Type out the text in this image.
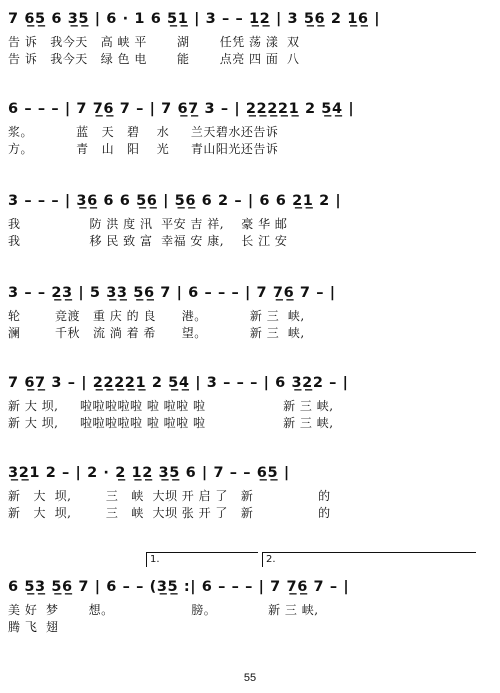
7 6̲5̲ 6 3̲5̲ | 6 · 1 6 5̲1̲ | 3 – – 1̲2̲ | 3 5̲6̲ 2 1̲6̲ |
告 诉   我今天   高 峡 平       湖       任凭 荡 漾  双
告 诉   我今天   绿 色 电       能       点亮 四 面  八
6 – – – | 7 7̲6̲ 7 – | 7 6̲7̲ 3 – | 2̲2̲2̲2̲1̲ 2 5̲4̲ |
浆。          蓝   天   碧    水     兰天碧水还告诉
方。          青   山   阳    光     青山阳光还告诉
3 – – – | 3̲6̲ 6 6 5̲6̲ | 5̲6̲ 6 2 – | 6 6 2̲1̲ 2 |
我                防 洪 度 汛  平安 吉 祥,    豪 华 邮
我                移 民 致 富  幸福 安 康,    长 江 安
3 – – 2̲3̲ | 5 3̲3̲ 5̲6̲ 7 | 6 – – – | 7 7̲6̲ 7 – |
轮        竞渡   重 庆 的 良      港。          新 三  峡,
澜        千秋   流 淌 着 希      望。          新 三  峡,
7 6̲7̲ 3 – | 2̲2̲2̲2̲1̲ 2 5̲4̲ | 3 – – – | 6 3̲2̲2 – |
新 大 坝,     啦啦啦啦啦 啦 啦啦 啦                  新 三 峡,
新 大 坝,     啦啦啦啦啦 啦 啦啦 啦                  新 三 峡,
3̲2̲1 2 – | 2 · 2̲ 1̲2̲ 3̲5̲ 6 | 7 – – 6̲5̲ |
新   大  坝,        三   峡  大坝 开 启 了   新               的
新   大  坝,        三   峡  大坝 张 开 了   新               的
1.	2.
6 5̲3̲ 5̲6̲ 7 | 6 – – (3̲5̲ :| 6 – – – | 7 7̲6̲ 7 – |
美 好  梦       想。                  膀。            新 三 峡,
腾 飞  翅
55
